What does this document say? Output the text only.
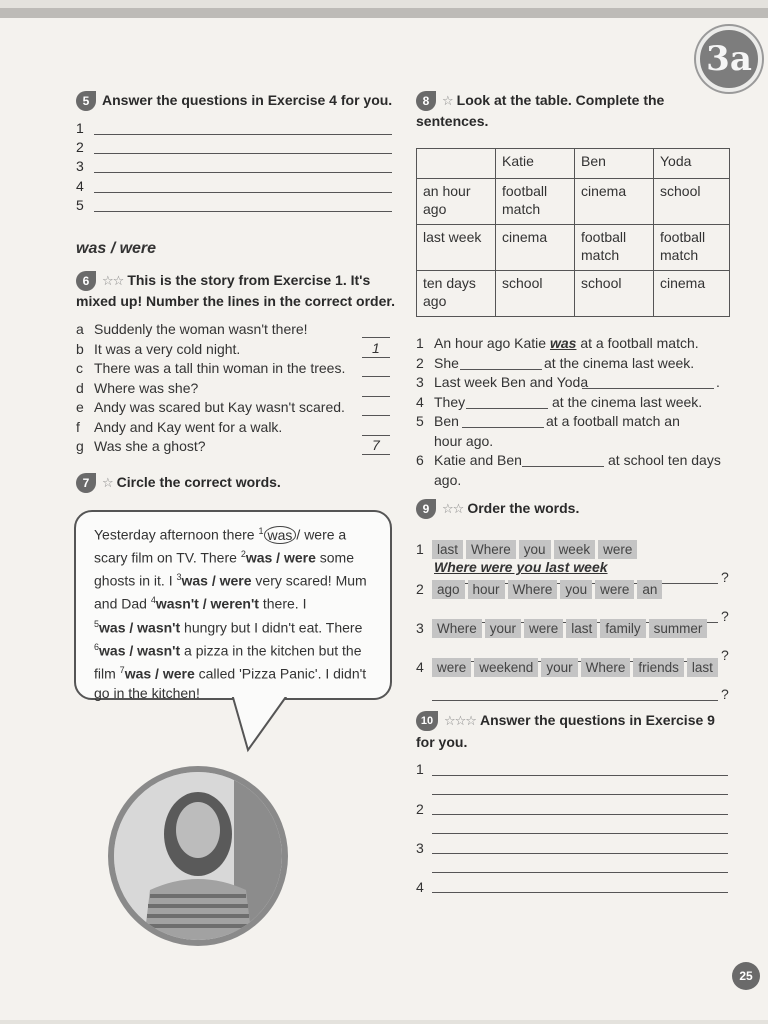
3a
5 Answer the questions in Exercise 4 for you.
1
2
3
4
5
was / were
6 ☆☆ This is the story from Exercise 1. It's
mixed up! Number the lines in the correct order.
a Suddenly the woman wasn't there!
b It was a very cold night.	1
c There was a tall thin woman in the trees.
d Where was she?
e Andy was scared but Kay wasn't scared.
f Andy and Kay went for a walk.
g Was she a ghost?	7
7 ☆ Circle the correct words.
Yesterday afternoon there $^1$ was / were a
scary film on TV. There $^2$was / were some
ghosts in it. I $^3$was / were very scared! Mum
and Dad $^4$wasn't / weren't there. I
$^5$was / wasn't hungry but I didn't eat. There
$^6$was / wasn't a pizza in the kitchen but the
film $^7$was / were called 'Pizza Panic'. I didn't
go in the kitchen!
8 ☆ Look at the table. Complete the
sentences.
	Katie	Ben	Yoda
an hour ago	football match	cinema	school
last week	cinema	football match	football match
ten days ago	school	school	cinema
1 An hour ago Katie was at a football match.
2 She	at the cinema last week.
3 Last week Ben and Yoda	.
4 They	at the cinema last week.
5 Ben	at a football match an
hour ago.
6 Katie and Ben	at school ten days
ago.
9 ☆☆ Order the words.
1 last Where you week were
Where were you last week
?
2 ago hour Where you were an
?
3 Where your were last family summer
?
4 were weekend your Where friends last
?
10 ☆☆☆ Answer the questions in Exercise 9
for you.
1
2
3
4
25
